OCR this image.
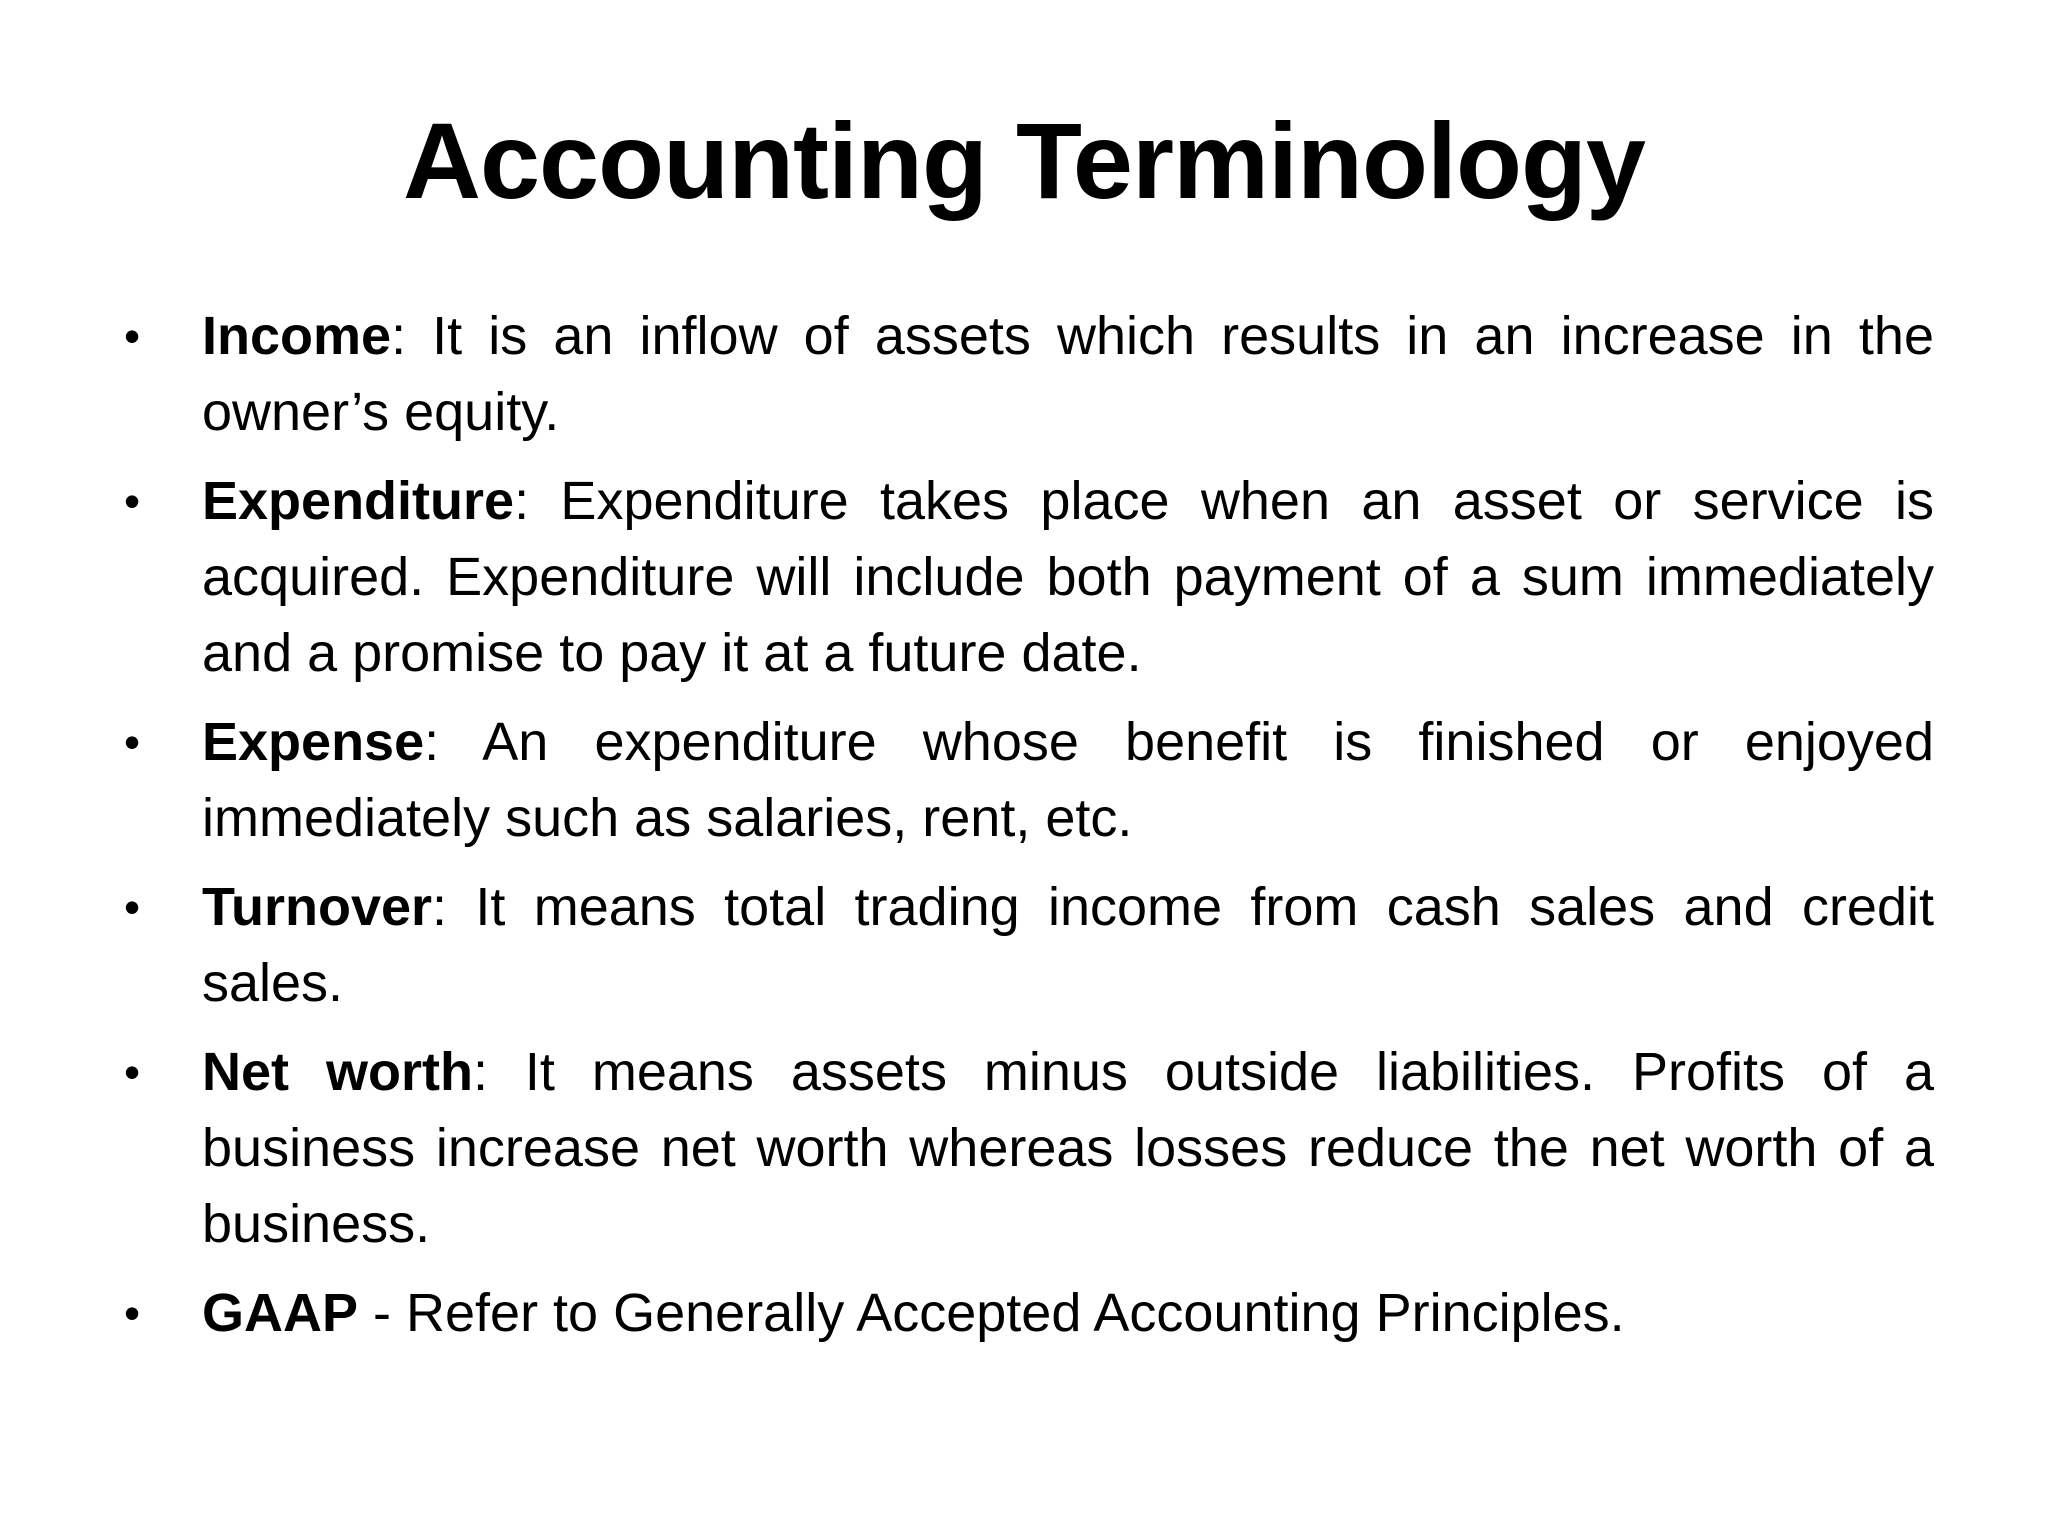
Accounting Terminology
•	Income: It is an inflow of assets which results in an increase in the owner’s equity.
•	Expenditure: Expenditure takes place when an asset or service is acquired. Expenditure will include both payment of a sum immediately and a promise to pay it at a future date.
•	Expense: An expenditure whose benefit is finished or enjoyed immediately such as salaries, rent, etc.
•	Turnover: It means total trading income from cash sales and credit sales.
•	Net worth: It means assets minus outside liabilities. Profits of a business increase net worth whereas losses reduce the net worth of a business.
•	GAAP - Refer to Generally Accepted Accounting Principles.
